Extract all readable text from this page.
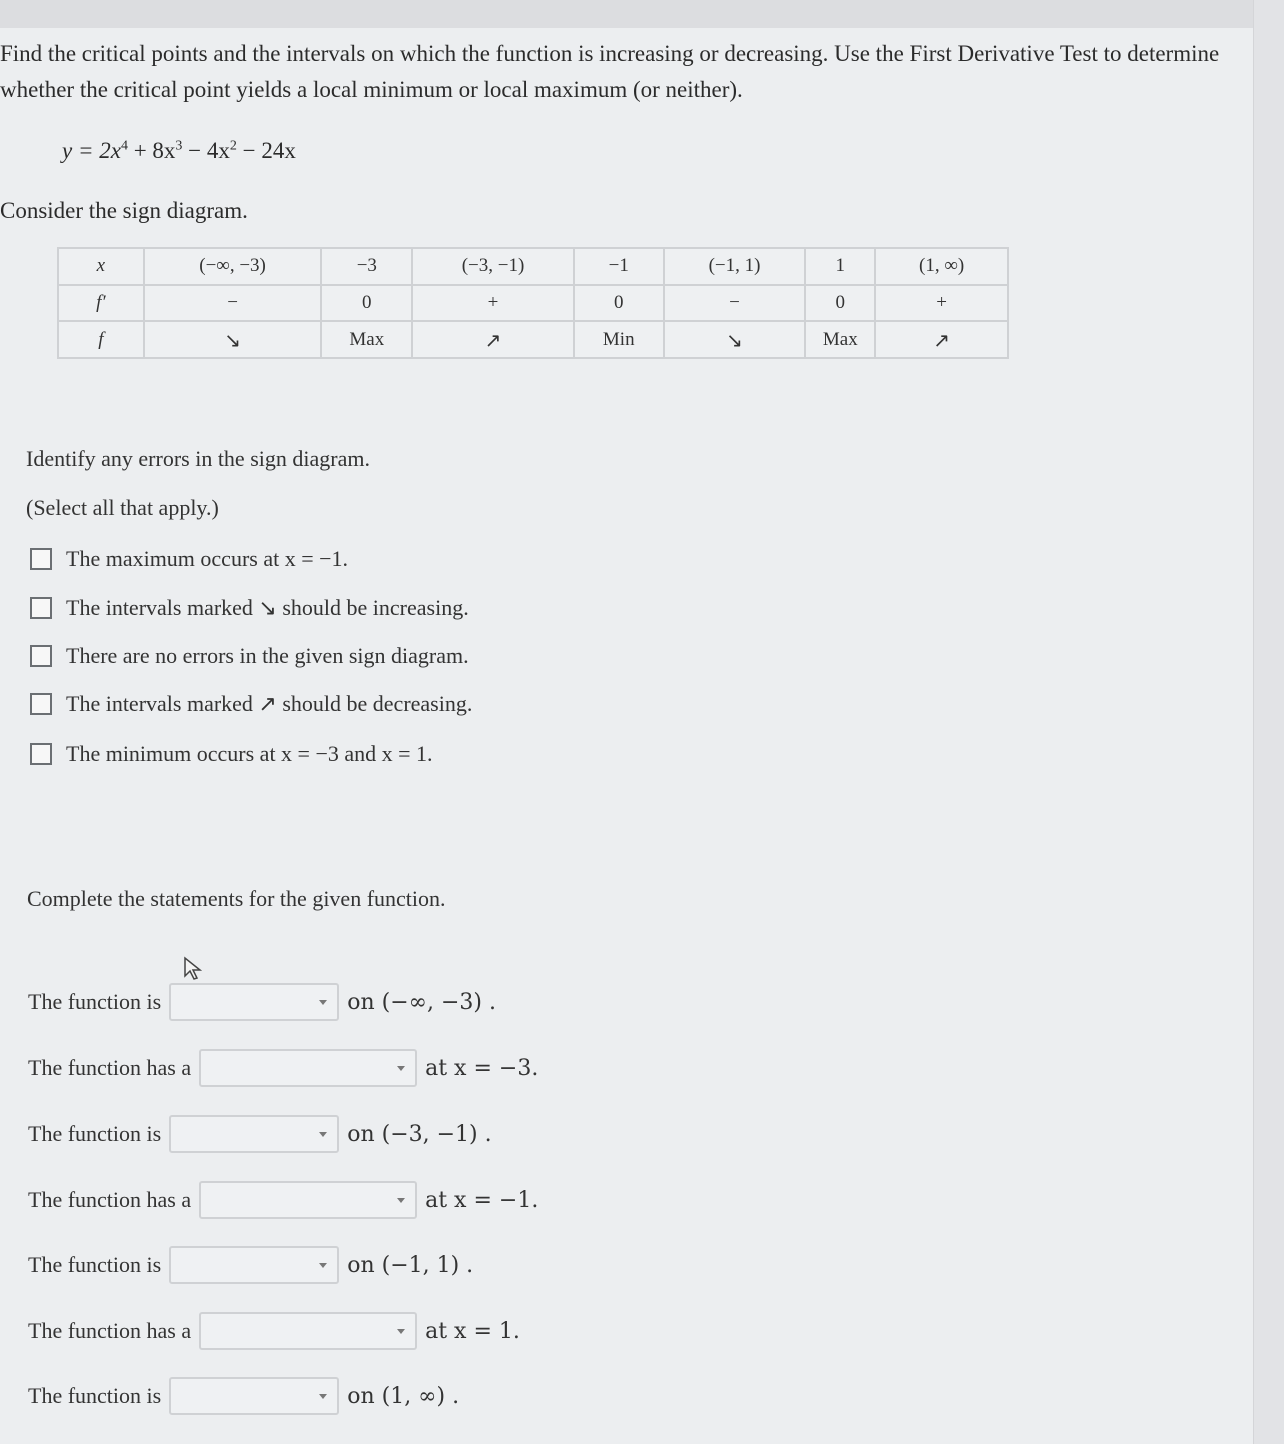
Find the critical points and the intervals on which the function is increasing or decreasing. Use the First Derivative Test to determine whether the critical point yields a local minimum or local maximum (or neither).
$y = 2x^4 + 8x^3 - 4x^2 - 24x$
Consider the sign diagram.
x	(−∞, −3)	−3	(−3, −1)	−1	(−1, 1)	1	(1, ∞)
f′	−	0	+	0	−	0	+
f	↘	Max	↗	Min	↘	Max	↗
Identify any errors in the sign diagram.
(Select all that apply.)
The maximum occurs at x = −1.
The intervals marked ↘ should be increasing.
There are no errors in the given sign diagram.
The intervals marked ↗ should be decreasing.
The minimum occurs at x = −3 and x = 1.
Complete the statements for the given function.
The function is	on (−∞, −3) .
The function has a	at x = −3.
The function is	on (−3, −1) .
The function has a	at x = −1.
The function is	on (−1, 1) .
The function has a	at x = 1.
The function is	on (1, ∞) .
